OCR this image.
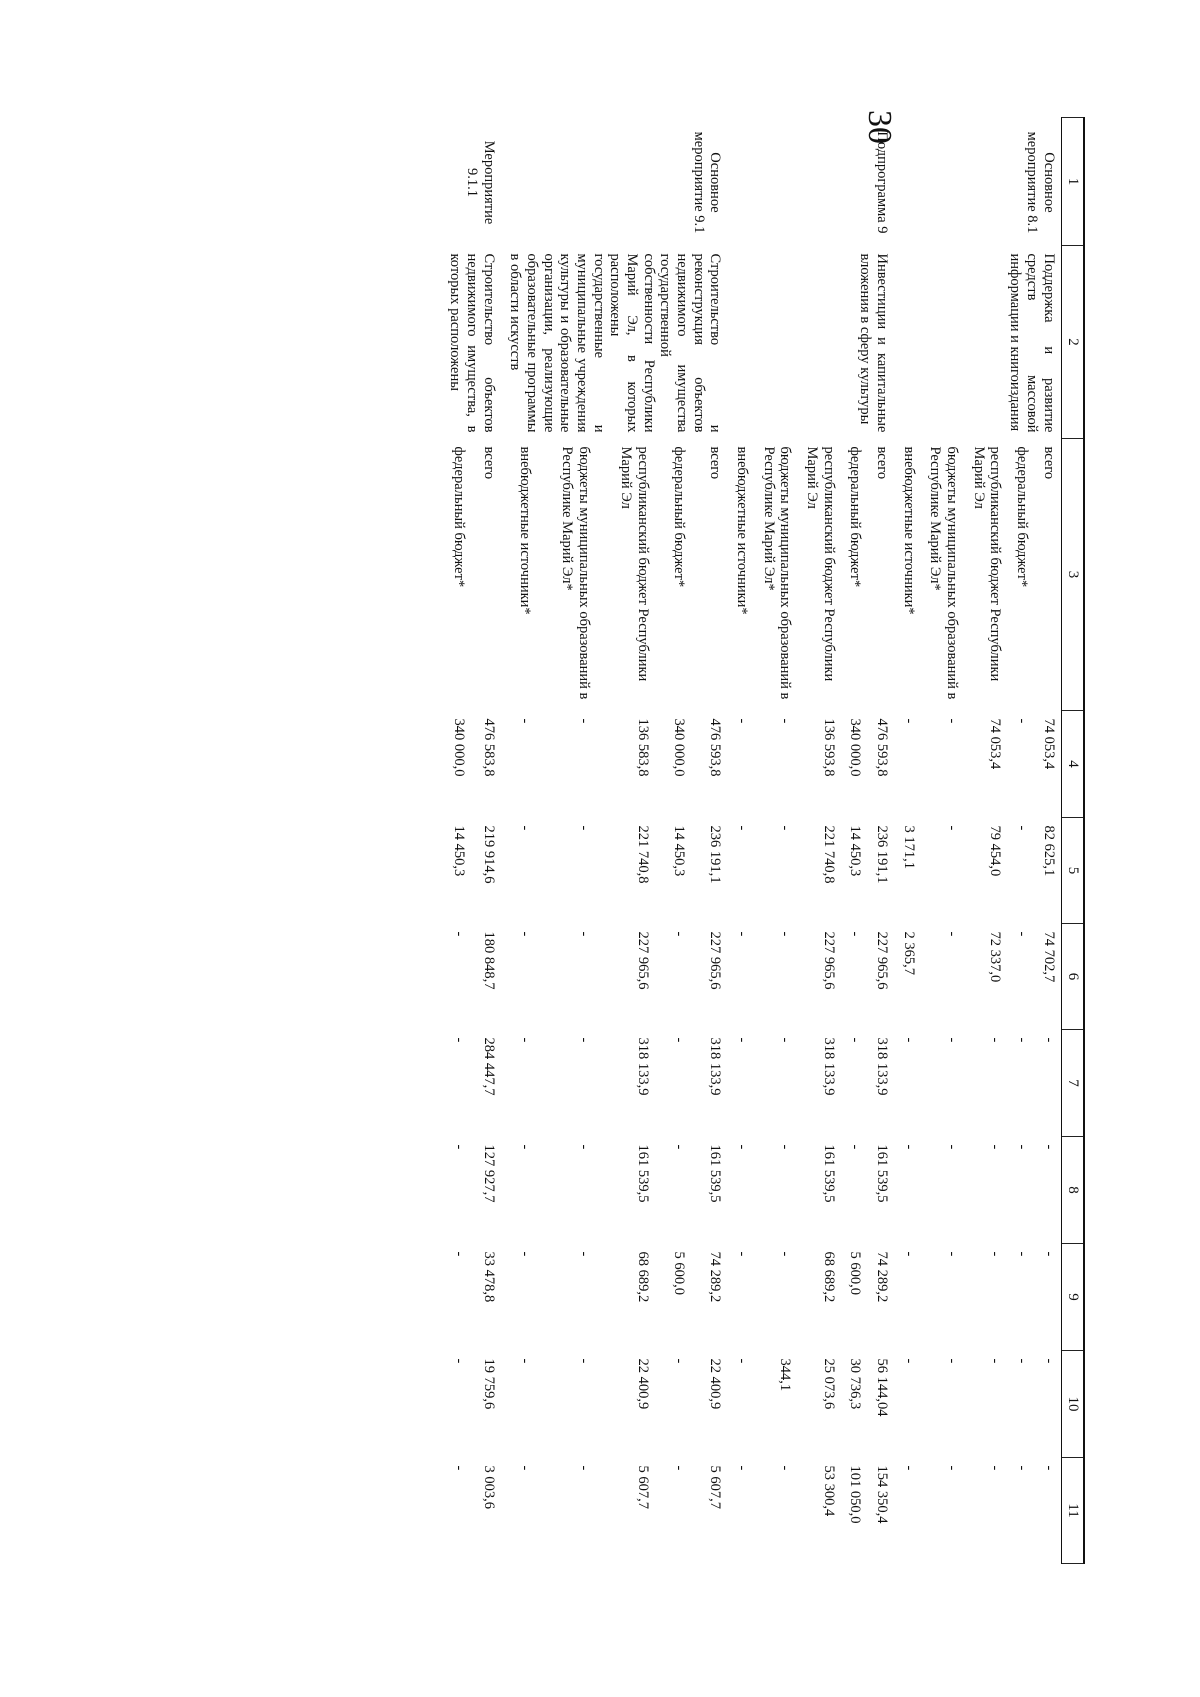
30
1	2	3	4	5	6	7	8	9	10	11
Основное мероприятие 8.1	Поддержка и развитие средств массовой информации и книгоиздания	всего	74 053,4	82 625,1	74 702,7	-	-	-	-	-
		федеральный бюджет*	-	-	-	-	-	-	-	-
		республиканский бюджет Республики Марий Эл	74 053,4	79 454,0	72 337,0	-	-	-	-	-
		бюджеты муниципальных образований в Республике Марий Эл*	-	-	-	-	-	-	-	-
		внебюджетные источники*	-	3 171,1	2 365,7	-	-	-	-	-
Подпрограмма 9	Инвестиции и капитальные вложения в сферу культуры	всего	476 593,8	236 191,1	227 965,6	318 133,9	161 539,5	74 289,2	56 144,04	154 350,4
		федеральный бюджет*	340 000,0	14 450,3	-	-	-	5 600,0	30 736,3	101 050,0
		республиканский бюджет Республики Марий Эл	136 593,8	221 740,8	227 965,6	318 133,9	161 539,5	68 689,2	25 073,6	53 300,4
		бюджеты муниципальных образований в Республике Марий Эл*	-	-	-	-	-	-	344,1	-
		внебюджетные источники*	-	-	-	-	-	-	-	-
Основное мероприятие 9.1	Строительство и реконструкция объектов недвижимого имущества государственной собственности Республики Марий Эл, в которых расположены государственные и муниципальные учреждения культуры и образовательные организации, реализующие образовательные программы в области искусств	всего	476 593,8	236 191,1	227 965,6	318 133,9	161 539,5	74 289,2	22 400,9	5 607,7
		федеральный бюджет*	340 000,0	14 450,3	-	-	-	5 600,0	-	-
		республиканский бюджет Республики Марий Эл	136 583,8	221 740,8	227 965,6	318 133,9	161 539,5	68 689,2	22 400,9	5 607,7
		бюджеты муниципальных образований в Республике Марий Эл*	-	-	-	-	-	-	-	-
		внебюджетные источники*	-	-	-	-	-	-	-	-
Мероприятие 9.1.1	Строительство объектов недвижимого имущества, в которых расположены	всего	476 583,8	219 914,6	180 848,7	284 447,7	127 927,7	33 478,8	19 759,6	3 003,6
		федеральный бюджет*	340 000,0	14 450,3	-	-	-	-	-	-
